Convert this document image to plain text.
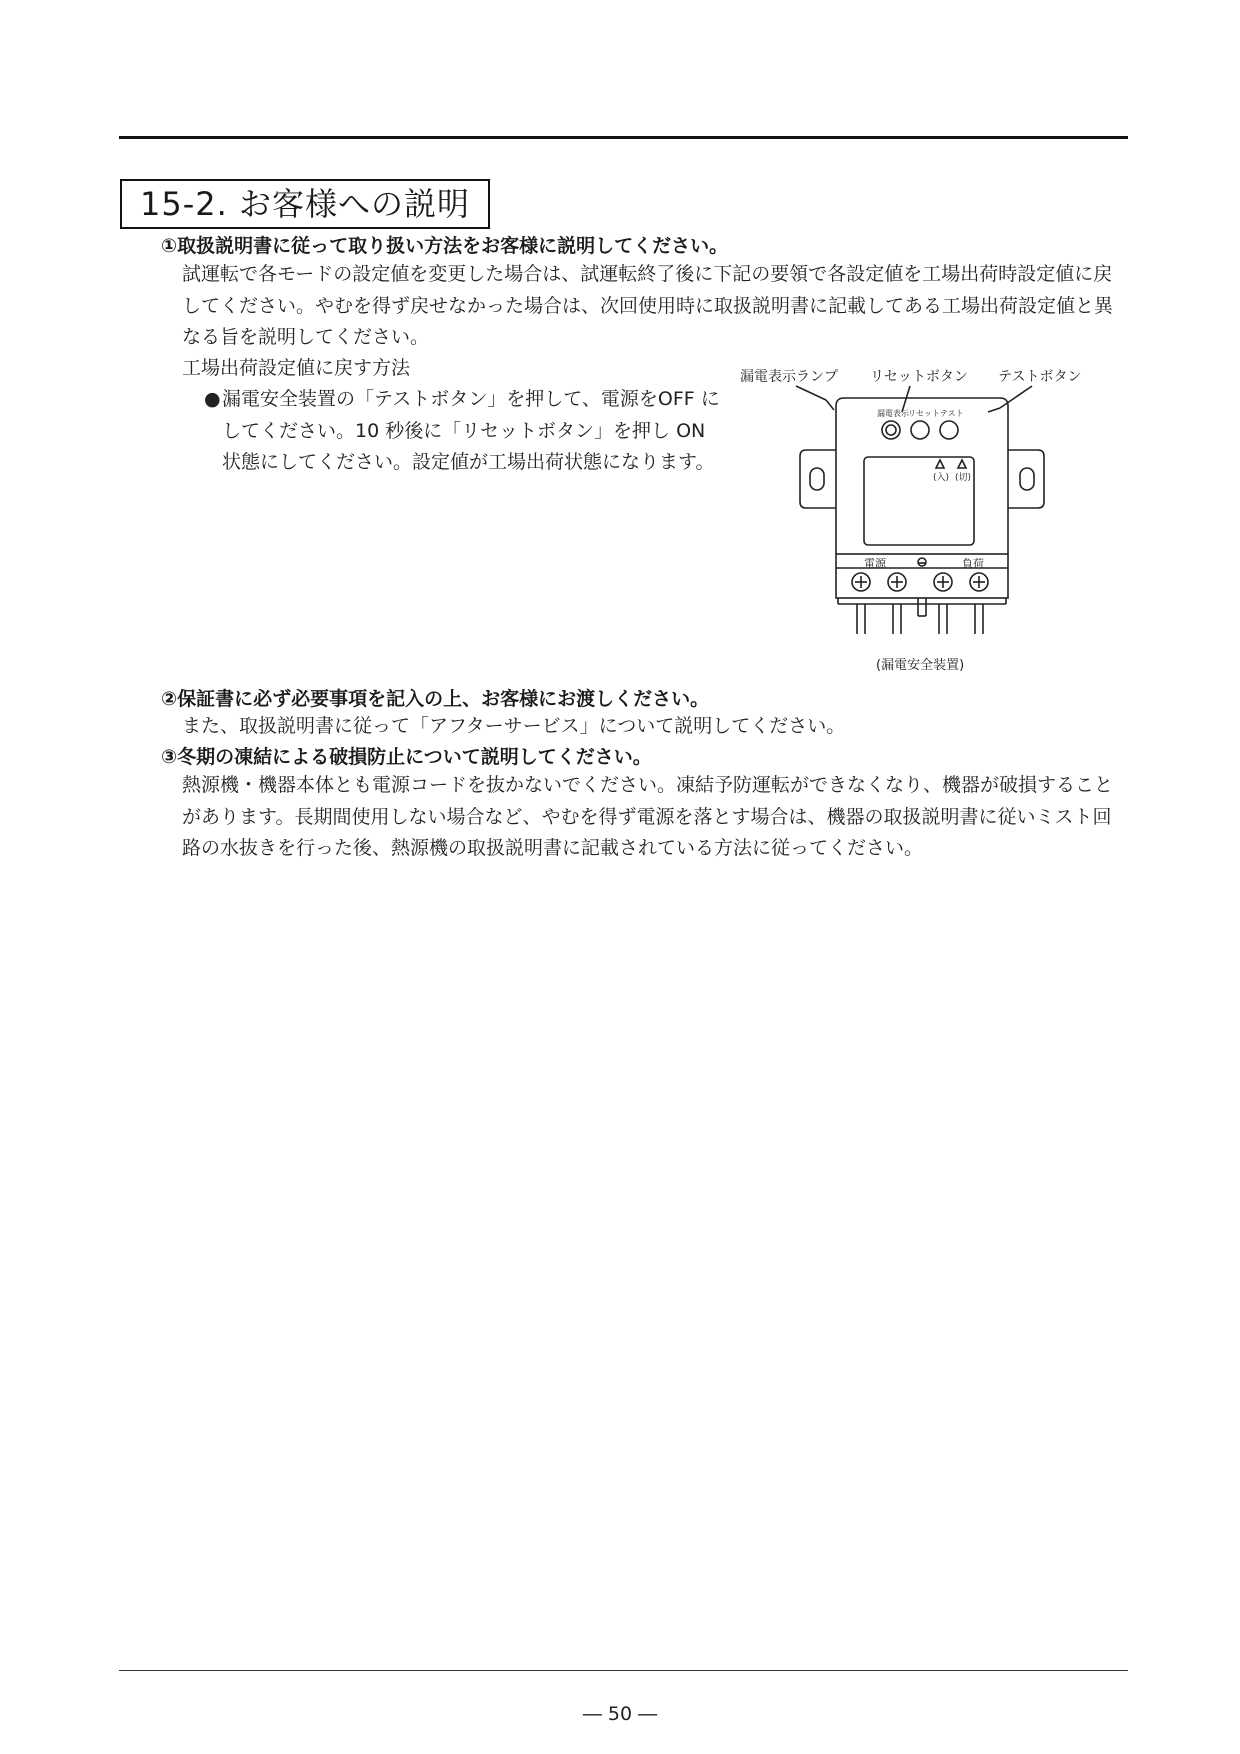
15-2. お客様への説明
①取扱説明書に従って取り扱い方法をお客様に説明してください。
試運転で各モードの設定値を変更した場合は、試運転終了後に下記の要領で各設定値を工場出荷時設定値に戻してください。やむを得ず戻せなかった場合は、次回使用時に取扱説明書に記載してある工場出荷設定値と異なる旨を説明してください。
工場出荷設定値に戻す方法
● 漏電安全装置の「テストボタン」を押して、電源をOFF にしてください。10 秒後に「リセットボタン」を押し ON 状態にしてください。設定値が工場出荷状態になります。
漏電表示ランプ リセットボタン テストボタン
漏電表示 リセット テスト
(入) (切)
電源	負荷
(漏電安全装置)
②保証書に必ず必要事項を記入の上、お客様にお渡しください。
また、取扱説明書に従って「アフターサービス」について説明してください。
③冬期の凍結による破損防止について説明してください。
熱源機・機器本体とも電源コードを抜かないでください。凍結予防運転ができなくなり、機器が破損することがあります。長期間使用しない場合など、やむを得ず電源を落とす場合は、機器の取扱説明書に従いミスト回路の水抜きを行った後、熱源機の取扱説明書に記載されている方法に従ってください。
― 50 ―
